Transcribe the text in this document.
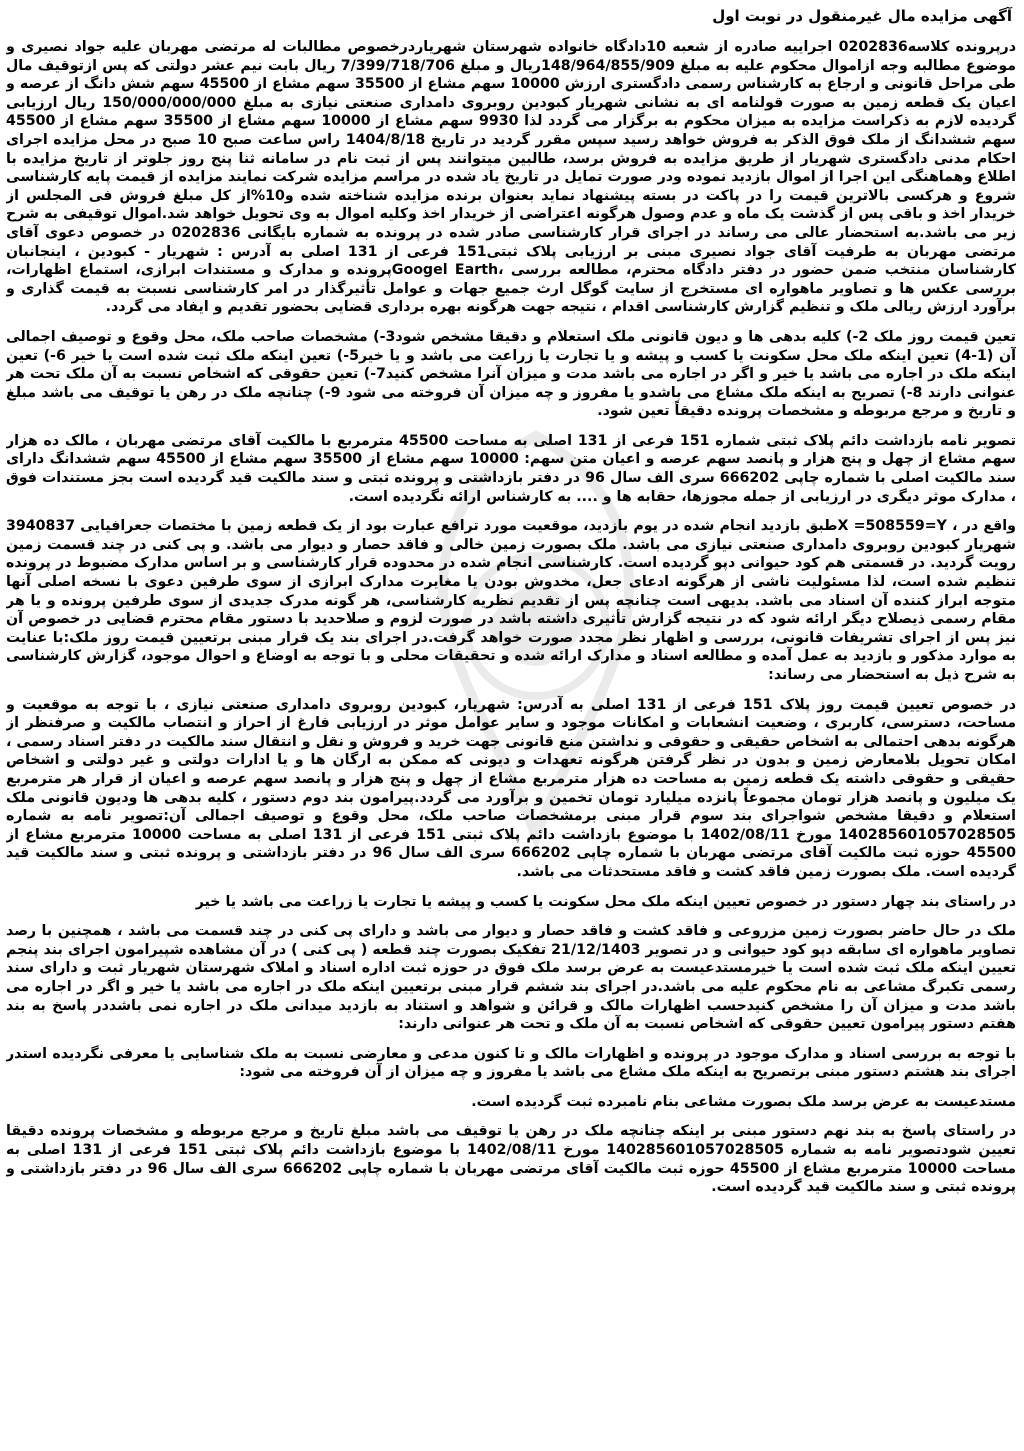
آگهی مزایده مال غیرمنقول در نوبت اول

درپرونده کلاسه0202836 اجراییه صادره از شعبه 10دادگاه خانواده شهرستان شهریاردرخصوص مطالبات له مرتضی مهربان علیه جواد نصیری و موضوع مطالبه وجه ازاموال محکوم علیه به مبلغ 148/964/855/909ریال و مبلغ 7/399/718/706 ریال بابت نیم عشر دولتی که پس ازتوقیف مال طی مراحل قانونی و ارجاع به کارشناس رسمی دادگستری ارزش 10000 سهم مشاع از 35500 سهم مشاع از 45500 سهم شش دانگ از عرصه و اعیان یک قطعه زمین به صورت قولنامه ای به نشانی شهریار کبودین روبروی دامداری صنعتی نیازی به مبلغ 150/000/000/000 ریال ارزیابی گردیده لازم به ذکراست مزایده به میزان محکوم به برگزار می گردد لذا 9930 سهم مشاع از 10000 سهم مشاع از 35500 سهم مشاع از 45500 سهم ششدانگ از ملک فوق الذکر به فروش خواهد رسید سپس مقرر گردید در تاریخ 1404/8/18 راس ساعت صبح 10 صبح در محل مزایده اجرای احکام مدنی دادگستری شهریار از طریق مزایده به فروش برسد، طالبین میتوانند پس از ثبت نام در سامانه ثنا پنج روز جلوتر از تاریخ مزایده با اطلاع وهماهنگی این اجرا از اموال بازدید نموده ودر صورت تمایل در تاریخ یاد شده در مراسم مزایده شرکت نمایند مزایده از قیمت پایه کارشناسی شروع و هرکسی بالاترین قیمت را در پاکت در بسته پیشنهاد نماید بعنوان برنده مزایده شناخته شده و10%از کل مبلغ فروش فی المجلس از خریدار اخذ و باقی پس از گذشت یک ماه و عدم وصول هرگونه اعتراضی از خریدار اخذ وکلیه اموال به وی تحویل خواهد شد.اموال توقیفی به شرح زیر می باشد.به استحضار عالی می رساند در اجرای قرار کارشناسی صادر شده در پرونده به شماره بایگانی 0202836 در خصوص دعوی آقای مرتضی مهربان به طرفیت آقای جواد نصیری مبنی بر ارزیابی پلاک ثبتی151 فرعی از 131 اصلی به آدرس : شهریار - کبودین ، اینجانبان کارشناسان منتخب ضمن حضور در دفتر دادگاه محترم، مطالعه بررسی ،Googel Earthپرونده و مدارک و مستندات ابرازی، استماع اظهارات، بررسی عکس ها و تصاویر ماهواره ای مستخرج از سایت گوگل ارث جمیع جهات و عوامل تأثیرگذار در امر کارشناسی نسبت به قیمت گذاری و برآورد ارزش ریالی ملک و تنظیم گزارش کارشناسی اقدام ، نتیجه جهت هرگونه بهره برداری قضایی بحضور تقدیم و ایفاد می گردد.

تعین قیمت روز ملک 2-) کلیه بدهی ها و دیون قانونی ملک استعلام و دقیقا مشخص شود3-) مشخصات صاحب ملک، محل وقوع و توصیف اجمالی آن (1-4) تعین اینکه ملک محل سکونت یا کسب و پیشه و یا تجارت یا زراعت می باشد و یا خیر5-) تعین اینکه ملک ثبت شده است یا خیر 6-) تعین اینکه ملک در اجاره می باشد یا خیر و اگر در اجاره می باشد مدت و میزان آنرا مشخص کنید7-) تعین حقوقی که اشخاص نسبت به آن ملک تحت هر عنوانی دارند 8-) تصریح به اینکه ملک مشاع می باشدو یا مفروز و چه میزان آن فروخته می شود 9-) چنانچه ملک در رهن یا توقیف می باشد مبلغ و تاریخ و مرجع مربوطه و مشخصات پرونده دقیقاً تعین شود.

تصویر نامه بازداشت دائم پلاک ثبتی شماره 151 فرعی از 131 اصلی به مساحت 45500 مترمربع با مالکیت آقای مرتضی مهربان ، مالک ده هزار سهم مشاع از چهل و پنج هزار و پانصد سهم عرصه و اعیان متن سهم: 10000 سهم مشاع از 35500 سهم مشاع از 45500 سهم ششدانگ دارای سند مالکیت اصلی با شماره چاپی 666202 سری الف سال 96 در دفتر بازداشتی و پرونده ثبتی و سند مالکیت قید گردیده است بجز مستندات فوق ، مدارک موثر دیگری در ارزیابی از جمله مجوزها، حقابه ها و .... به کارشناس ارائه نگردیده است.

واقع در ، X =508559=Yطبق بازدید انجام شده در یوم بازدید، موقعیت مورد ترافع عبارت بود از یک قطعه زمین با مختصات جعرافیایی 3940837 شهریار کبودین روبروی دامداری صنعتی نیازی می باشد. ملک بصورت زمین خالی و فاقد حصار و دیوار می باشد. و پی کنی در چند قسمت زمین رویت گردید. در قسمتی هم کود حیوانی دپو گردیده است. کارشناسی انجام شده در محدوده قرار کارشناسی و بر اساس مدارک مضبوط در پرونده تنظیم شده است، لذا مسئولیت ناشی از هرگونه ادعای جعل، مخدوش بودن یا مغایرت مدارک ابرازی از سوی طرفین دعوی با نسخه اصلی آنها متوجه ابراز کننده آن اسناد می باشد. بدیهی است چنانچه پس از تقدیم نظریه کارشناسی، هر گونه مدرک جدیدی از سوی طرفین پرونده و یا هر مقام رسمی ذیصلاح دیگر ارائه شود که در نتیجه گزارش تأثیری داشته باشد در صورت لزوم و صلاحدید با دستور مقام محترم قضایی در خصوص آن نیز پس از اجرای تشریفات قانونی، بررسی و اظهار نظر مجدد صورت خواهد گرفت.در اجرای بند یک قرار مبنی برتعیین قیمت روز ملک:با عنایت به موارد مذکور و بازدید به عمل آمده و مطالعه اسناد و مدارک ارائه شده و تحقیقات محلی و با توجه به اوضاع و احوال موجود، گزارش کارشناسی به شرح ذیل به استحضار می رساند:

در خصوص تعیین قیمت روز پلاک 151 فرعی از 131 اصلی به آدرس: شهریار، کبودین روبروی دامداری صنعتی نیازی ، با توجه به موقعیت و مساحت، دسترسی، کاربری ، وضعیت انشعابات و امکانات موجود و سایر عوامل موثر در ارزیابی فارغ از احراز و انتصاب مالکیت و صرفنظر از هرگونه بدهی احتمالی به اشخاص حقیقی و حقوقی و نداشتن منع قانونی جهت خرید و فروش و نقل و انتقال سند مالکیت در دفتر اسناد رسمی ، امکان تحویل بلامعارض زمین و بدون در نظر گرفتن هرگونه تعهدات و دیونی که ممکن به ارگان ها و یا ادارات دولتی و غیر دولتی و اشخاص حقیقی و حقوقی داشته یک قطعه زمین به مساحت ده هزار مترمربع مشاع از چهل و پنج هزار و پانصد سهم عرصه و اعیان از قرار هر مترمربع یک میلیون و پانصد هزار تومان مجموعاً پانزده میلیارد تومان تخمین و برآورد می گردد.پیرامون بند دوم دستور ، کلیه بدهی ها ودیون قانونی ملک استعلام و دقیقا مشخص شواجرای بند سوم قرار مبنی برمشخصات صاحب ملک، محل وقوع و توصیف اجمالی آن:تصویر نامه به شماره 140285601057028505 مورخ 1402/08/11 با موضوع بازداشت دائم پلاک ثبتی 151 فرعی از 131 اصلی به مساحت 10000 مترمربع مشاع از 45500 حوزه ثبت مالکیت آقای مرتضی مهربان با شماره چاپی 666202 سری الف سال 96 در دفتر بازداشتی و پرونده ثبتی و سند مالکیت قید گردیده است. ملک بصورت زمین فاقد کشت و فاقد مستحدثات می باشد.

در راستای بند چهار دستور در خصوص تعیین اینکه ملک محل سکونت یا کسب و پیشه یا تجارت یا زراعت می باشد یا خیر

ملک در حال حاضر بصورت زمین مزروعی و فاقد کشت و فاقد حصار و دیوار می باشد و دارای پی کنی در چند قسمت می باشد ، همچنین با رصد تصاویر ماهواره ای سابقه دپو کود حیوانی و در تصویر 21/12/1403 تفکیک بصورت چند قطعه ( پی کنی ) در آن مشاهده شپیرامون اجرای بند پنجم تعیین اینکه ملک ثبت شده است یا خیرمستدعیست به عرض برسد ملک فوق در حوزه ثبت اداره اسناد و املاک شهرستان شهریار ثبت و دارای سند رسمی تکبرگ مشاعی به نام محکوم علیه می باشد.در اجرای بند ششم قرار مبنی برتعیین اینکه ملک در اجاره می باشد یا خیر و اگر در اجاره می باشد مدت و میزان آن را مشخص کنیدحسب اظهارات مالک و قرائن و شواهد و استناد به بازدید میدانی ملک در اجاره نمی باشددر پاسخ به بند هفتم دستور پیرامون تعیین حقوقی که اشخاص نسبت به آن ملک و تحت هر عنوانی دارند:

با توجه به بررسی اسناد و مدارک موجود در پرونده و اظهارات مالک و تا کنون مدعی و معارضی نسبت به ملک شناسایی یا معرفی نگردیده استدر اجرای بند هشتم دستور مبنی برتصریح به اینکه ملک مشاع می باشد یا مفروز و چه میزان از آن فروخته می شود:

مستدعیست به عرض برسد ملک بصورت مشاعی بنام نامبرده ثبت گردیده است.

در راستای پاسخ به بند نهم دستور مبنی بر اینکه چنانچه ملک در رهن یا توقیف می باشد مبلغ تاریخ و مرجع مربوطه و مشخصات پرونده دقیقا تعیین شودتصویر نامه به شماره 140285601057028505 مورخ 1402/08/11 با موضوع بازداشت دائم پلاک ثبتی 151 فرعی از 131 اصلی به مساحت 10000 مترمربع مشاع از 45500 حوزه ثبت مالکیت آقای مرتضی مهربان با شماره چاپی 666202 سری الف سال 96 در دفتر بازداشتی و پرونده ثبتی و سند مالکیت قید گردیده است.
